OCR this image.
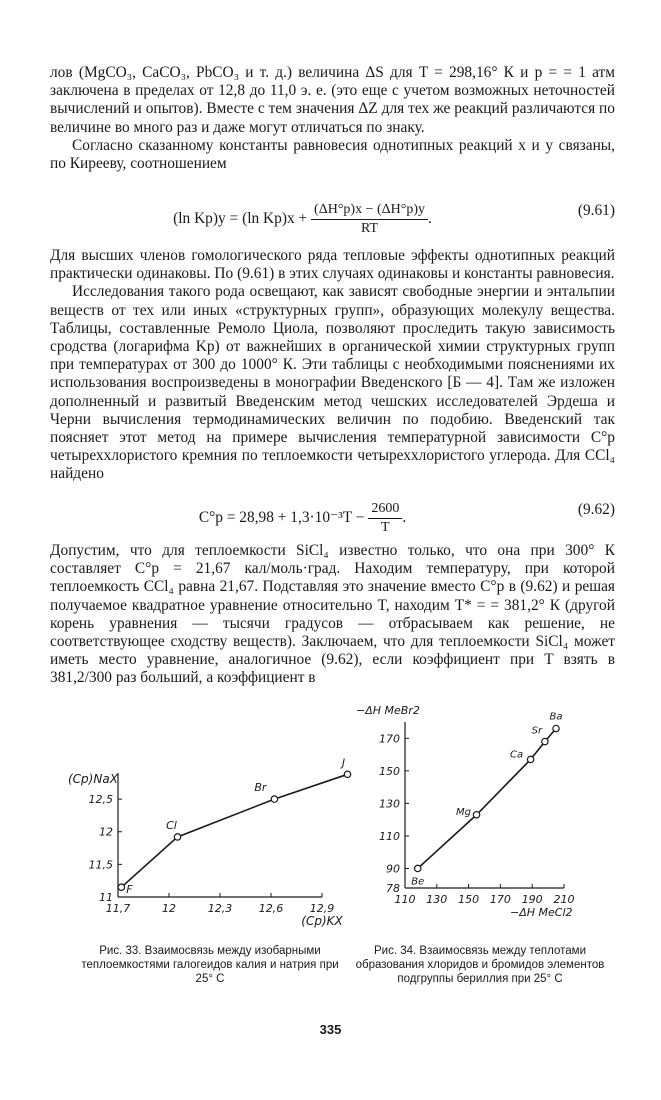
лов (MgCO₃, CaCO₃, PbCO₃ и т. д.) величина ΔS для T = 298,16° К и p = = 1 атм заключена в пределах от 12,8 до 11,0 э. е. (это еще с учетом возможных неточностей вычислений и опытов). Вместе с тем значения ΔZ для тех же реакций различаются по величине во много раз и даже могут отличаться по знаку.

Согласно сказанному константы равновесия однотипных реакций x и y связаны, по Кирееву, соотношением

(ln Kp)y = (ln $Kp)x + \frac{(\Delta H^\circ p)x - (\Delta H^\circ p)y}{RT}$ .	(9.61)

Для высших членов гомологического ряда тепловые эффекты однотипных реакций практически одинаковы. По (9.61) в этих случаях одинаковы и константы равновесия.

Исследования такого рода освещают, как зависят свободные энергии и энтальпии веществ от тех или иных «структурных групп», образующих молекулу вещества. Таблицы, составленные Ремоло Циола, позволяют проследить такую зависимость сродства (логарифма Kp) от важнейших в органической химии структурных групп при температурах от 300 до 1000° К. Эти таблицы с необходимыми пояснениями их использования воспроизведены в монографии Введенского [Б — 4]. Там же изложен дополненный и развитый Введенским метод чешских исследователей Эрдеша и Черни вычисления термодинамических величин по подобию. Введенский так поясняет этот метод на примере вычисления температурной зависимости C°p четыреххлористого кремния по теплоемкости четыреххлористого углерода. Для CCl₄ найдено

$C^\circ p = 28,98 + 1,3\cdot 10^{-3}T - \frac{2600}{T}$ .	(9.62)

Допустим, что для теплоемкости SiCl₄ известно только, что она при 300° К составляет C°p = 21,67 кал/моль·град. Находим температуру, при которой теплоемкость CCl₄ равна 21,67. Подставляя это значение вместо C°p в (9.62) и решая получаемое квадратное уравнение относительно T, находим T* = = 381,2° К (другой корень уравнения — тысячи градусов — отбрасываем как решение, не соответствующее сходству веществ). Заключаем, что для теплоемкости SiCl₄ может иметь место уравнение, аналогичное (9.62), если коэффициент при T взять в 381,2/300 раз больший, а коэффициент в

11,7	12	12,3 12,6 12,9
11
11,5
12
12,5
F
Cl
Br
J
(Cp)NaX
(Cp)KX
110 130 150 170 190 210
78
90
110
130
150
170
Be
Mg
Ca
Sr
Ba
−ΔH MeBr2
−ΔH MeCl2
Рис. 33. Взаимосвязь между изобарными теплоемкостями галогеидов калия и натрия при 25° С
Рис. 34. Взаимосвязь между теплотами образования хлоридов и бромидов элементов подгруппы бериллия при 25° С
335
